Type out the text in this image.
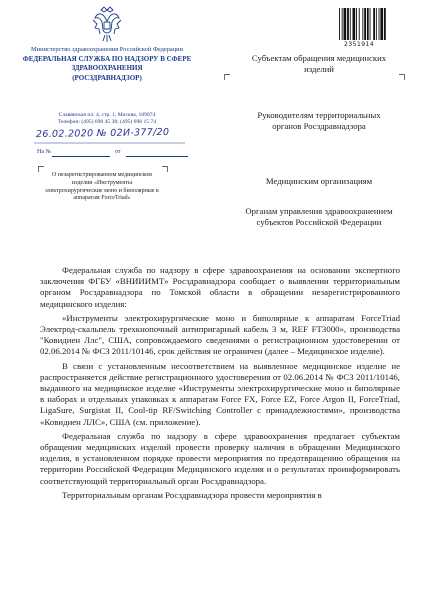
Министерство здравоохранения Российской Федерации
ФЕДЕРАЛЬНАЯ СЛУЖБА ПО НАДЗОРУ В СФЕРЕ ЗДРАВООХРАНЕНИЯ
(РОСЗДРАВНАДЗОР)
Славянская пл. 4, стр. 1, Москва, 109074
Телефон: (495) 698 45 38; (495) 698 15 74
26.02.2020 № 02И-377/20
На №	от
О незарегистрированном медицинском изделии «Инструменты электрохирургические моно и биполярные к аппаратам ForceTriad»
2351914
Субъектам обращения медицинских изделий
Руководителям территориальных органов Росздравнадзора
Медицинским организациям
Органам управления здравоохранением субъектов Российской Федерации

Федеральная служба по надзору в сфере здравоохранения на основании экспертного заключения ФГБУ «ВНИИИМТ» Росздравнадзора сообщает о выявлении территориальным органом Росздравнадзора по Томской области в обращении незарегистрированного медицинского изделия:

«Инструменты электрохирургические моно и биполярные к аппаратам ForceTriad Электрод-скальпель трехкнопочный антипригарный кабель 3 м, REF FT3000», производства "Ковидиен Ллс", США, сопровождаемого сведениями о регистрационном удостоверении от 02.06.2014 № ФСЗ 2011/10146, срок действия не ограничен (далее – Медицинское изделие).

В связи с установленным несоответствием на выявленное медицинское изделие не распространяется действие регистрационного удостоверения от 02.06.2014 № ФСЗ 2011/10146, выданного на медицинское изделие «Инструменты электрохирургические моно и биполярные в наборах и отдельных упаковках к аппаратам Force FX, Force EZ, Force Argon II, ForceTriad, LigaSure, Surgistat II, Cool-tip RF/Switching Controller с принадлежностями», производства «Ковидиен ЛЛС», США (см. приложение).

Федеральная служба по надзору в сфере здравоохранения предлагает субъектам обращения медицинских изделий провести проверку наличия в обращении Медицинского изделия, в установленном порядке провести мероприятия по предотвращению обращения на территории Российской Федерации Медицинского изделия и о результатах проинформировать соответствующий территориальный орган Росздравнадзора.

Территориальным органам Росздравнадзора провести мероприятия в
